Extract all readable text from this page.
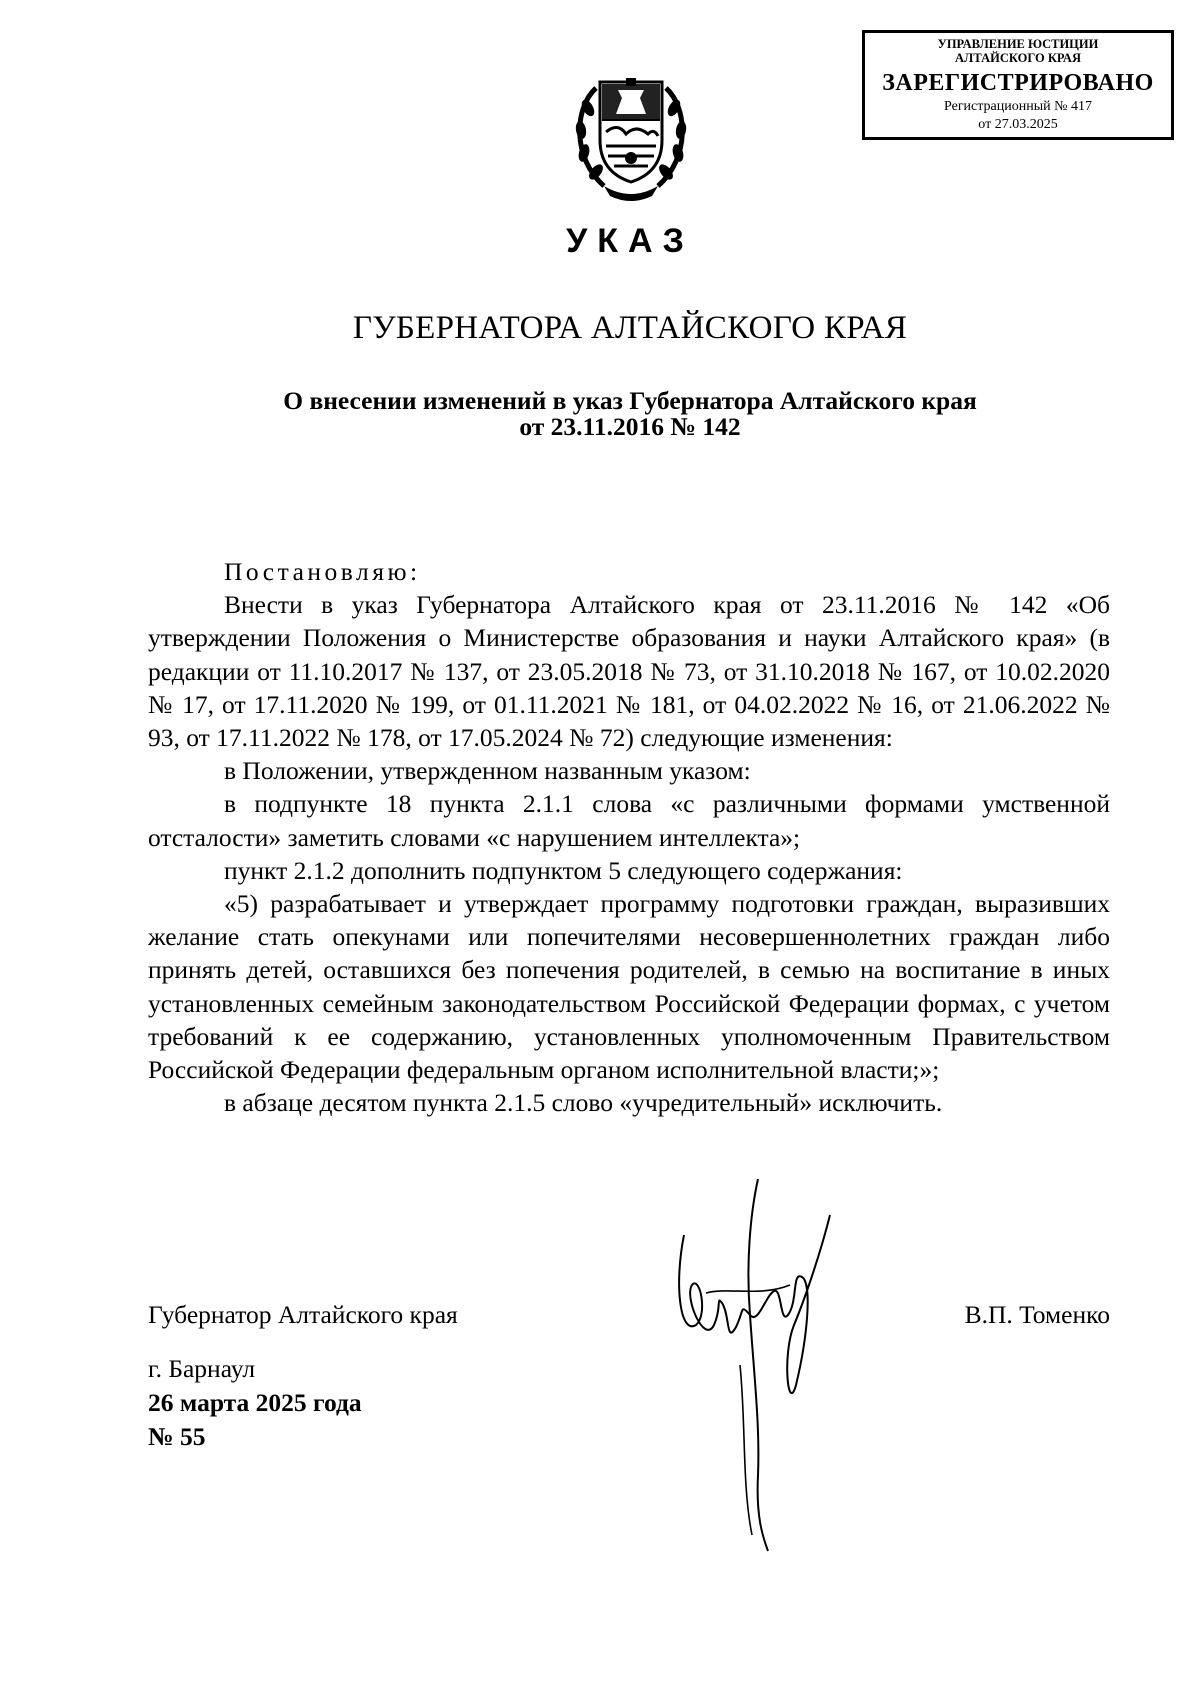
УПРАВЛЕНИЕ ЮСТИЦИИ
АЛТАЙСКОГО КРАЯ
ЗАРЕГИСТРИРОВАНО
Регистрационный № 417
от 27.03.2025
УКАЗ
ГУБЕРНАТОРА АЛТАЙСКОГО КРАЯ
О внесении изменений в указ Губернатора Алтайского края
от 23.11.2016 № 142

Постановляю:

Внести в указ Губернатора Алтайского края от 23.11.2016 № 142 «Об утверждении Положения о Министерстве образования и науки Алтайского края» (в редакции от 11.10.2017 № 137, от 23.05.2018 № 73, от 31.10.2018 № 167, от 10.02.2020 № 17, от 17.11.2020 № 199, от 01.11.2021 № 181, от 04.02.2022 № 16, от 21.06.2022 № 93, от 17.11.2022 № 178, от 17.05.2024 № 72) следующие изменения:

в Положении, утвержденном названным указом:

в подпункте 18 пункта 2.1.1 слова «с различными формами умственной отсталости» заметить словами «с нарушением интеллекта»;

пункт 2.1.2 дополнить подпунктом 5 следующего содержания:

«5) разрабатывает и утверждает программу подготовки граждан, выразивших желание стать опекунами или попечителями несовершеннолетних граждан либо принять детей, оставшихся без попечения родителей, в семью на воспитание в иных установленных семейным законодательством Российской Федерации формах, с учетом требований к ее содержанию, установленных уполномоченным Правительством Российской Федерации федеральным органом исполнительной власти;»;

в абзаце десятом пункта 2.1.5 слово «учредительный» исключить.

Губернатор Алтайского края	В.П. Томенко
г. Барнаул
26 марта 2025 года
№ 55
